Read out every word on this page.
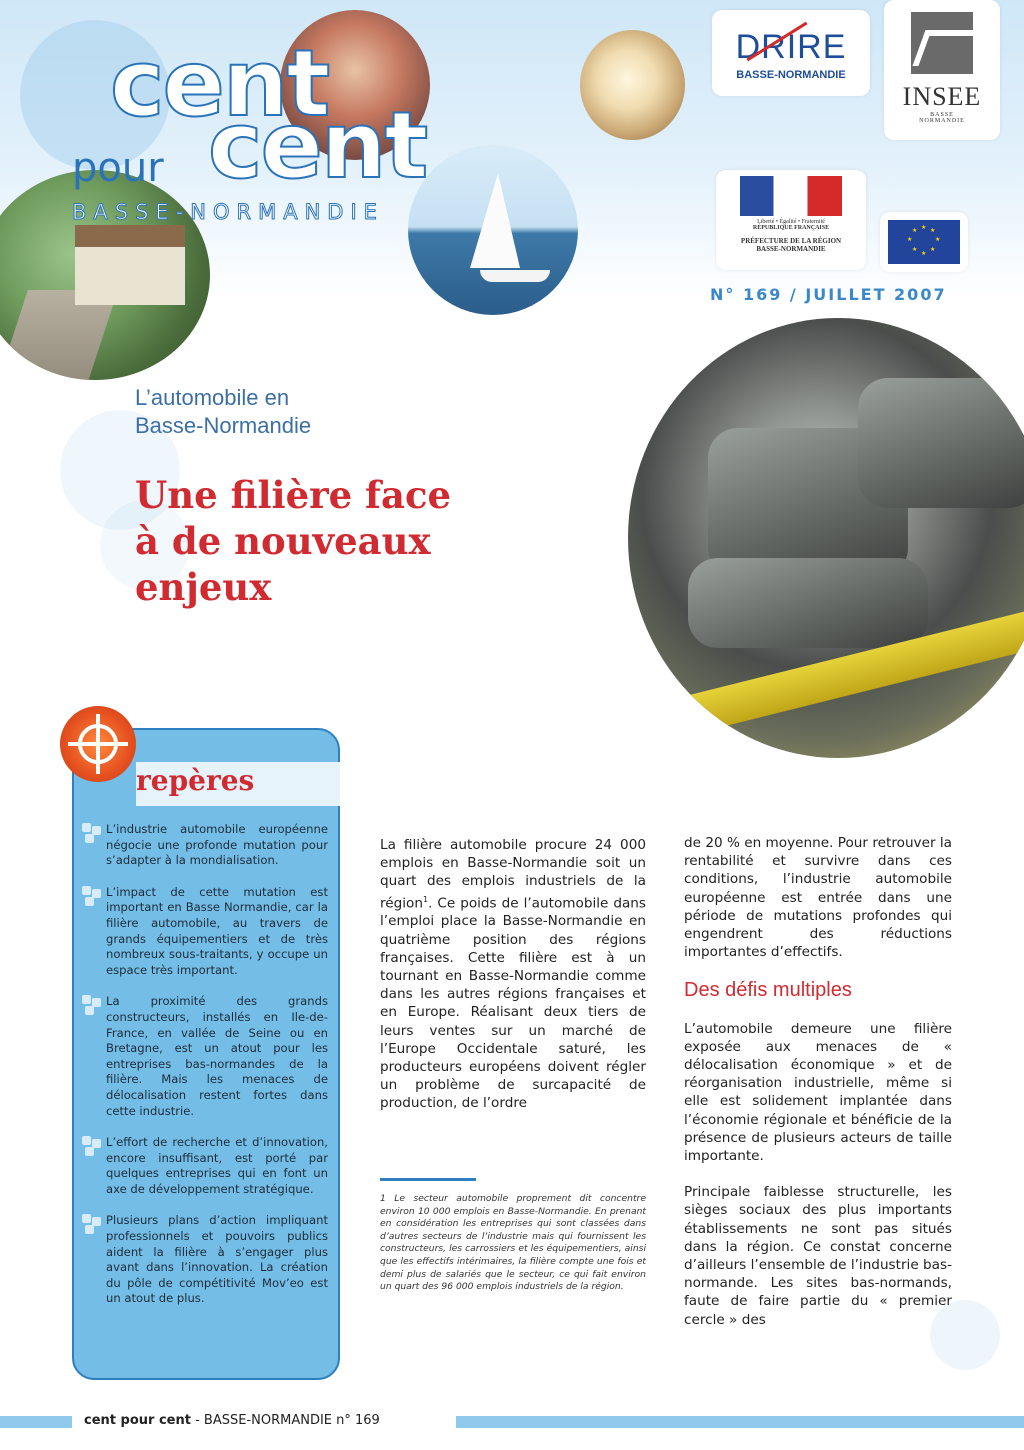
cent
cent
pour
BASSE-NORMANDIE
DRIRE
BASSE-NORMANDIE
INSEE
BASSE
NORMANDIE
Liberté • Égalité • Fraternité
RÉPUBLIQUE FRANÇAISE
PRÉFECTURE DE LA RÉGION
BASSE-NORMANDIE
★ ★
★
★
★
★
★
★
N° 169 / JUILLET 2007
L’automobile en
Basse-Normandie
Une filière face
à de nouveaux
enjeux
repères
L’industrie automobile européenne négocie une profonde mutation pour s’adapter à la mondialisation.
L’impact de cette mutation est important en Basse Normandie, car la filière automobile, au travers de grands équipementiers et de très nombreux sous-traitants, y occupe un espace très important.
La proximité des grands constructeurs, installés en Ile-de-France, en vallée de Seine ou en Bretagne, est un atout pour les entreprises bas-normandes de la filière. Mais les menaces de délocalisation restent fortes dans cette industrie.
L’effort de recherche et d’innovation, encore insuffisant, est porté par quelques entreprises qui en font un axe de développement stratégique.
Plusieurs plans d’action impliquant professionnels et pouvoirs publics aident la filière à s’engager plus avant dans l’innovation. La création du pôle de compétitivité Mov’eo est un atout de plus.

La filière automobile procure 24 000 emplois en Basse-Normandie soit un quart des emplois industriels de la région$^1$. Ce poids de l’automobile dans l’emploi place la Basse-Normandie en quatrième position des régions françaises. Cette filière est à un tournant en Basse-Normandie comme dans les autres régions françaises et en Europe. Réalisant deux tiers de leurs ventes sur un marché de l’Europe Occidentale saturé, les producteurs européens doivent régler un problème de surcapacité de production, de l’ordre

1 Le secteur automobile proprement dit concentre environ 10 000 emplois en Basse-Normandie. En prenant en considération les entreprises qui sont classées dans d’autres secteurs de l’industrie mais qui fournissent les constructeurs, les carrossiers et les équipementiers, ainsi que les effectifs intérimaires, la filière compte une fois et demi plus de salariés que le secteur, ce qui fait environ un quart des 96 000 emplois industriels de la région.

de 20 % en moyenne. Pour retrouver la rentabilité et survivre dans ces conditions, l’industrie automobile européenne est entrée dans une période de mutations profondes qui engendrent des réductions importantes d’effectifs.

Des défis multiples

L’automobile demeure une filière exposée aux menaces de « délocalisation économique » et de réorganisation industrielle, même si elle est solidement implantée dans l’économie régionale et bénéficie de la présence de plusieurs acteurs de taille importante.

Principale faiblesse structurelle, les sièges sociaux des plus importants établissements ne sont pas situés dans la région. Ce constat concerne d’ailleurs l’ensemble de l’industrie bas-normande. Les sites bas-normands, faute de faire partie du « premier cercle » des

cent pour cent - BASSE-NORMANDIE n° 169
